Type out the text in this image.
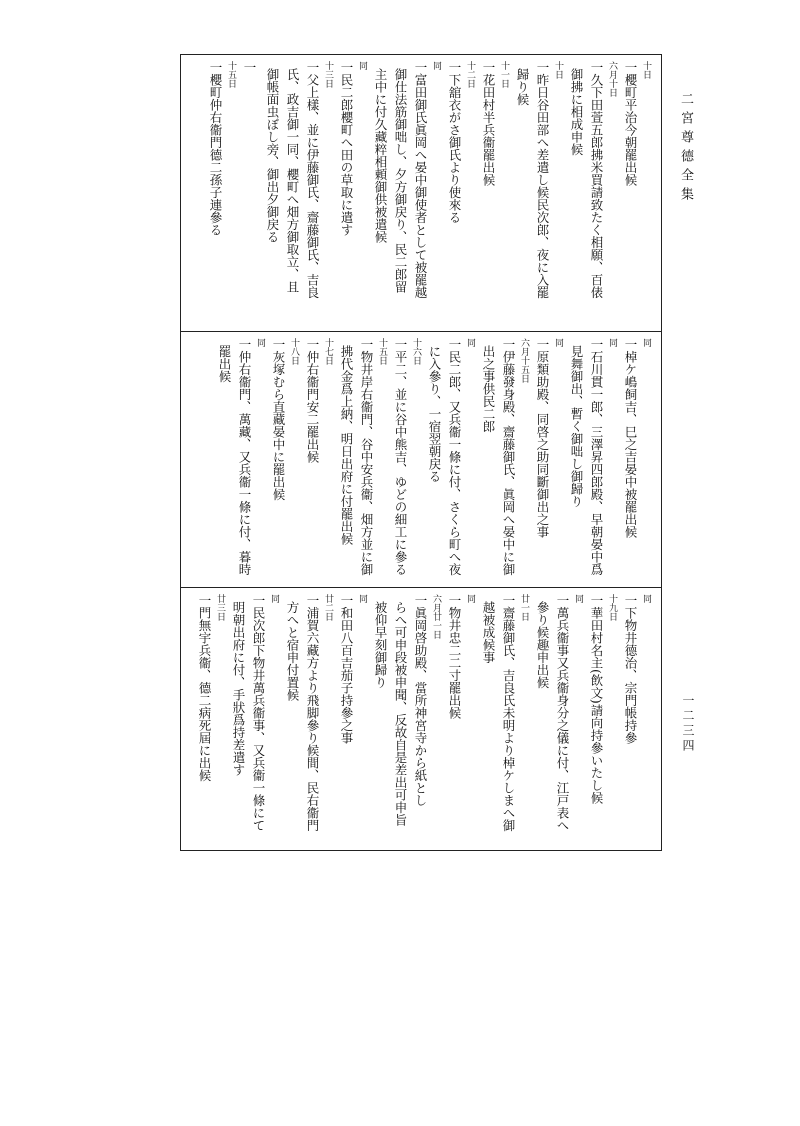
二宮尊德全集
十日
一櫻町平治今朝罷出候
六月十日
一久下田萱五郎拂米買請致たく相願、百俵
御拂に相成申候
十日
一昨日谷田部へ差遣し候民次郎、夜に入罷
歸り候
十一日
一花田村半兵衞罷出候
十二日
一下舘衣がさ御氏より使來る
同
一富田御氏眞岡へ晏中御使者として被罷越
御仕法筋御咄し、夕方御戻り、民二郎留
主中に付久藏粹相頼御供被遣候
同
一民二郎櫻町へ田の草取に遣す
十三日
一父上樣、並に伊藤御氏、齋藤御氏、吉良
氏、政吉御一同、櫻町へ畑方御取立、且
御帳面虫ぼし旁、御出夕御戻る
一
十五日
一櫻町仲右衞門德二孫子連參る
同
一棹ケ嶋飼吉、巳之吉晏中被罷出候
同
一石川貫一郎、三澤昇四郎殿、早朝晏中爲
見舞御出、暫く御咄し御歸り
同
一原類助殿、同啓之助同斷御出之事
六月十五日
一伊藤發身殿、齋藤御氏、眞岡へ晏中に御
出之事供民二郎
同
一民二郎、又兵衞一條に付、さくら町へ夜
に入參り、一宿翌朝戻る
十六日
一平二、並に谷中熊吉、ゆどの細工に參る
十五日
一物井岸右衞門、谷中安兵衞、畑方並に御
拂代金爲上納、明日出府に付罷出候
十七日
一仲右衞門安二罷出候
十八日
一灰塚むら直藏晏中に罷出候
同
一仲右衞門、萬藏、又兵衞一條に付、暮時
罷出候
同
一下物井德治、宗門帳持參
十九日
一華田村名主(飲文)請向持參いたし候
同
一萬兵衞事又兵衞身分之儀に付、江戸表へ
參り候趣申出候
廿一日
一齋藤御氏、吉良氏未明より棹ケしまへ御
越被成候事
同
一物井忠二二寸罷出候
六月廿一日
一眞岡啓助殿、當所神宮寺から紙とし
らへ可申段被申聞、反故自是差出可申旨
被仰早刻御歸り
同
一和田八百吉茄子持參之事
廿二日
一浦賀六藏方より飛脚參り候間、民右衞門
方へと宿申付置候
同
一民次郎下物井萬兵衞事、又兵衞一條にて
明朝出府に付、手狀爲持差遣す
廿三日
一門無宇兵衞、德二病死屆に出候	一二三四
